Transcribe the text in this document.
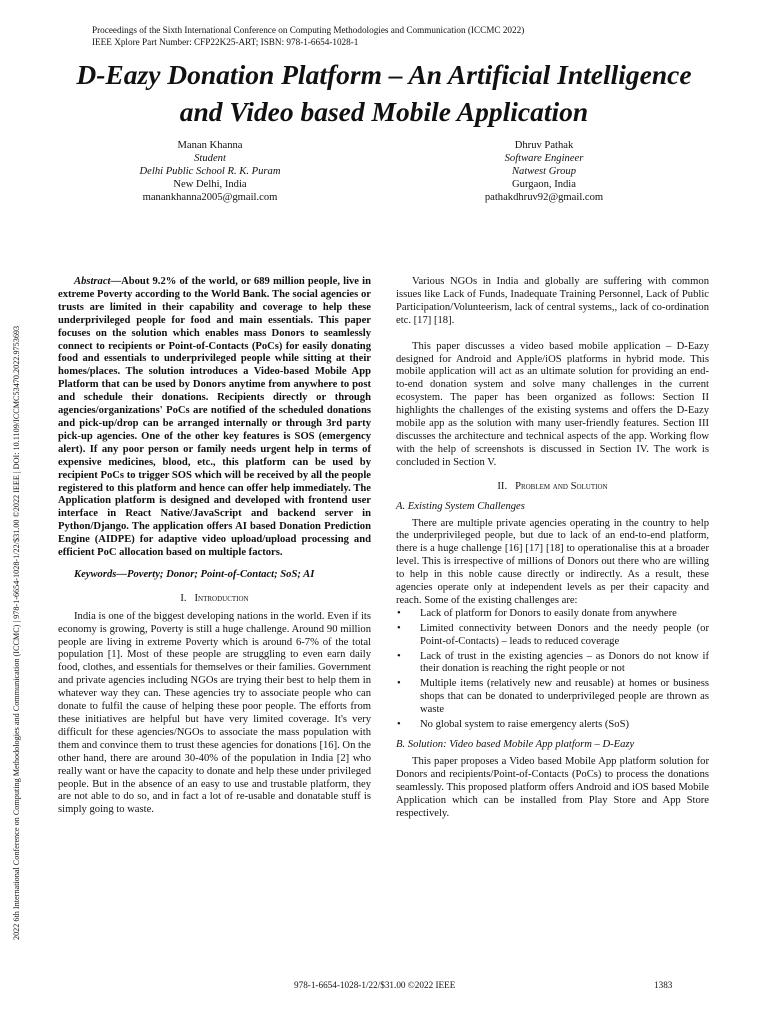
Proceedings of the Sixth International Conference on Computing Methodologies and Communication (ICCMC 2022)
IEEE Xplore Part Number: CFP22K25-ART; ISBN: 978-1-6654-1028-1
2022 6th International Conference on Computing Methodologies and Communication (ICCMC) | 978-1-6654-1028-1/22/$31.00 ©2022 IEEE | DOI: 10.1109/ICCMC53470.2022.9753693
D-Eazy Donation Platform – An Artificial Intelligence
and Video based Mobile Application
Manan Khanna
Student
Delhi Public School R. K. Puram
New Delhi, India
manankhanna2005@gmail.com
Dhruv Pathak
Software Engineer
Natwest Group
Gurgaon, India
pathakdhruv92@gmail.com

Abstract—About 9.2% of the world, or 689 million people, live in extreme Poverty according to the World Bank. The social agencies or trusts are limited in their capability and coverage to help these underprivileged people for food and main essentials. This paper focuses on the solution which enables mass Donors to seamlessly connect to recipients or Point-of-Contacts (PoCs) for easily donating food and essentials to underprivileged people while sitting at their homes/places. The solution introduces a Video-based Mobile App Platform that can be used by Donors anytime from anywhere to post and schedule their donations. Recipients directly or through agencies/organizations' PoCs are notified of the scheduled donations and pick-up/drop can be arranged internally or through 3rd party pick-up agencies. One of the other key features is SOS (emergency alert). If any poor person or family needs urgent help in terms of expensive medicines, blood, etc., this platform can be used by recipient PoCs to trigger SOS which will be received by all the people registered to this platform and hence can offer help immediately. The Application platform is designed and developed with frontend user interface in React Native/JavaScript and backend server in Python/Django. The application offers AI based Donation Prediction Engine (AIDPE) for adaptive video upload/upload processing and efficient PoC allocation based on multiple factors.

Keywords—Poverty; Donor; Point-of-Contact; SoS; AI

I. Introduction

India is one of the biggest developing nations in the world. Even if its economy is growing, Poverty is still a huge challenge. Around 90 million people are living in extreme Poverty which is around 6-7% of the total population [1]. Most of these people are struggling to even earn daily food, clothes, and essentials for themselves or their families. Government and private agencies including NGOs are trying their best to help them in whatever way they can. These agencies try to associate people who can donate to fulfil the cause of helping these poor people. The efforts from these initiatives are helpful but have very limited coverage. It's very difficult for these agencies/NGOs to associate the mass population with them and convince them to trust these agencies for donations [16]. On the other hand, there are around 30-40% of the population in India [2] who really want or have the capacity to donate and help these under privileged people. But in the absence of an easy to use and trustable platform, they are not able to do so, and in fact a lot of re-usable and donatable stuff is simply going to waste.

Various NGOs in India and globally are suffering with common issues like Lack of Funds, Inadequate Training Personnel, Lack of Public Participation/Volunteerism, lack of central systems,, lack of co-ordination etc. [17] [18].

This paper discusses a video based mobile application – D-Eazy designed for Android and Apple/iOS platforms in hybrid mode. This mobile application will act as an ultimate solution for providing an end-to-end donation system and solve many challenges in the current ecosystem. The paper has been organized as follows: Section II highlights the challenges of the existing systems and offers the D-Eazy mobile app as the solution with many user-friendly features. Section III discusses the architecture and technical aspects of the app. Working flow with the help of screenshots is discussed in Section IV. The work is concluded in Section V.

II. Problem and Solution
A. Existing System Challenges

There are multiple private agencies operating in the country to help the underprivileged people, but due to lack of an end-to-end platform, there is a huge challenge [16] [17] [18] to operationalise this at a broader level. This is irrespective of millions of Donors out there who are willing to help in this noble cause directly or indirectly. As a result, these agencies operate only at independent levels as per their capacity and reach. Some of the existing challenges are:

• Lack of platform for Donors to easily donate from anywhere
• Limited connectivity between Donors and the needy people (or Point-of-Contacts) – leads to reduced coverage
• Lack of trust in the existing agencies – as Donors do not know if their donation is reaching the right people or not
• Multiple items (relatively new and reusable) at homes or business shops that can be donated to underprivileged people are thrown as waste
• No global system to raise emergency alerts (SoS)
B. Solution: Video based Mobile App platform – D-Eazy

This paper proposes a Video based Mobile App platform solution for Donors and recipients/Point-of-Contacts (PoCs) to process the donations seamlessly. This proposed platform offers Android and iOS based Mobile Application which can be installed from Play Store and App Store respectively.

978-1-6654-1028-1/22/$31.00 ©2022 IEEE	1383
